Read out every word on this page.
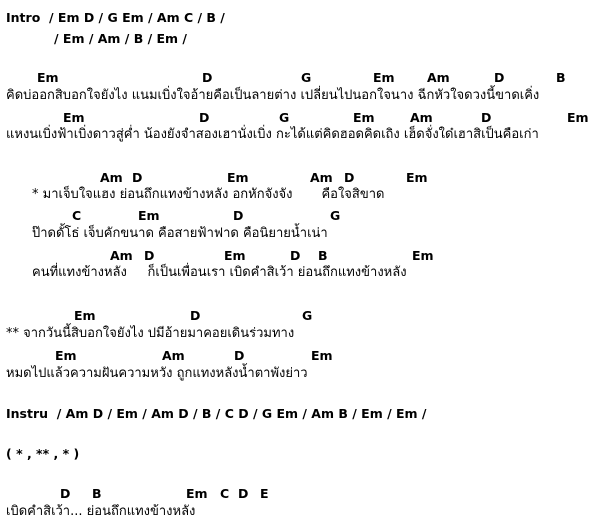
Intro / Em D / G Em / Am C / B /
/ Em / Am / B / Em /
Em	D	G	Em	Am	D	B
คิดบ่ออกสิบอกใจยังไง แนมเบิ่งใจอ้ายคือเป็นลายต่าง เปลี่ยนไปนอกใจนาง ฉีกหัวใจดวงนี้ขาดเคิ่ง
Em	D	G	Em	Am	D	Em
แหงนเบิ่งฟ้าเบิ่งดาวสู่ค่ำ น้องยังจำสองเฮานั่งเบิ่ง กะได้แต่คิดฮอดคิดเถิง เฮ็ดจั่งใด๋เฮาสิเป็นคือเก่า
Am D	Em	Am D	Em
* มาเจ็บใจแฮง ย่อนถึกแทงข้างหลัง อกหักจังจัง       คือใจสิขาด
C	Em	D	G
ป๊าดดั้โธ่ เจ็บคักขนาด คือสายฟ้าฟาด คือนิยายน้ำเน่า
Am D	Em	D B	Em
คนที่แทงข้างหลัง     ก็เป็นเพื่อนเรา เบิดคำสิเว้า ย่อนถึกแทงข้างหลัง
Em	D	G
** จากวันนี้สิบอกใจยังไง ปมีอ้ายมาคอยเดินร่วมทาง
Em	Am	D	Em
หมดไปแล้วความฝันความหวัง ถูกแทงหลังน้ำตาพังย่าว
Instru / Am D / Em / Am D / B / C D / G Em / Am B / Em / Em /
( * , ** , * )
D B	Em C D E
เบิดคำสิเว้า... ย่อนถึกแทงข้างหลัง
